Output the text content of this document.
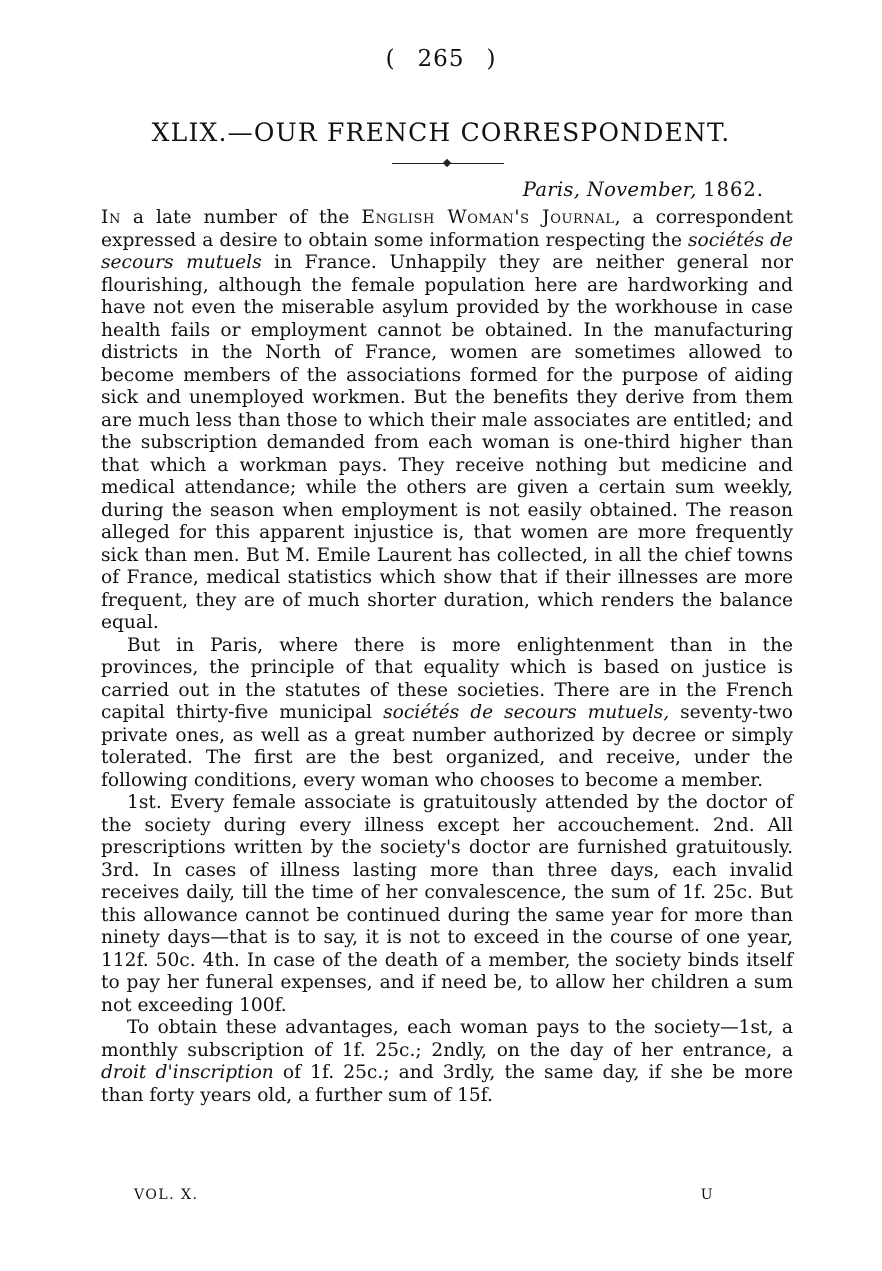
( 265 )
XLIX.—OUR FRENCH CORRESPONDENT.
Paris, November, 1862.

In a late number of the English Woman's Journal, a correspondent expressed a desire to obtain some information respecting the sociétés de secours mutuels in France. Unhappily they are neither general nor flourishing, although the female population here are hardworking and have not even the miserable asylum provided by the workhouse in case health fails or employment cannot be obtained. In the manufacturing districts in the North of France, women are sometimes allowed to become members of the associations formed for the purpose of aiding sick and unemployed workmen. But the benefits they derive from them are much less than those to which their male associates are entitled; and the subscription demanded from each woman is one-third higher than that which a workman pays. They receive nothing but medicine and medical attendance; while the others are given a certain sum weekly, during the season when employment is not easily obtained. The reason alleged for this apparent injustice is, that women are more frequently sick than men. But M. Emile Laurent has collected, in all the chief towns of France, medical statistics which show that if their illnesses are more frequent, they are of much shorter duration, which renders the balance equal.

But in Paris, where there is more enlightenment than in the provinces, the principle of that equality which is based on justice is carried out in the statutes of these societies. There are in the French capital thirty-five municipal sociétés de secours mutuels, seventy-two private ones, as well as a great number authorized by decree or simply tolerated. The first are the best organized, and receive, under the following conditions, every woman who chooses to become a member.

1st. Every female associate is gratuitously attended by the doctor of the society during every illness except her accouchement. 2nd. All prescriptions written by the society's doctor are furnished gratuitously. 3rd. In cases of illness lasting more than three days, each invalid receives daily, till the time of her convalescence, the sum of 1f. 25c. But this allowance cannot be continued during the same year for more than ninety days—that is to say, it is not to exceed in the course of one year, 112f. 50c. 4th. In case of the death of a member, the society binds itself to pay her funeral expenses, and if need be, to allow her children a sum not exceeding 100f.

To obtain these advantages, each woman pays to the society—1st, a monthly subscription of 1f. 25c.; 2ndly, on the day of her entrance, a droit d'inscription of 1f. 25c.; and 3rdly, the same day, if she be more than forty years old, a further sum of 15f.

VOL. X.	U
